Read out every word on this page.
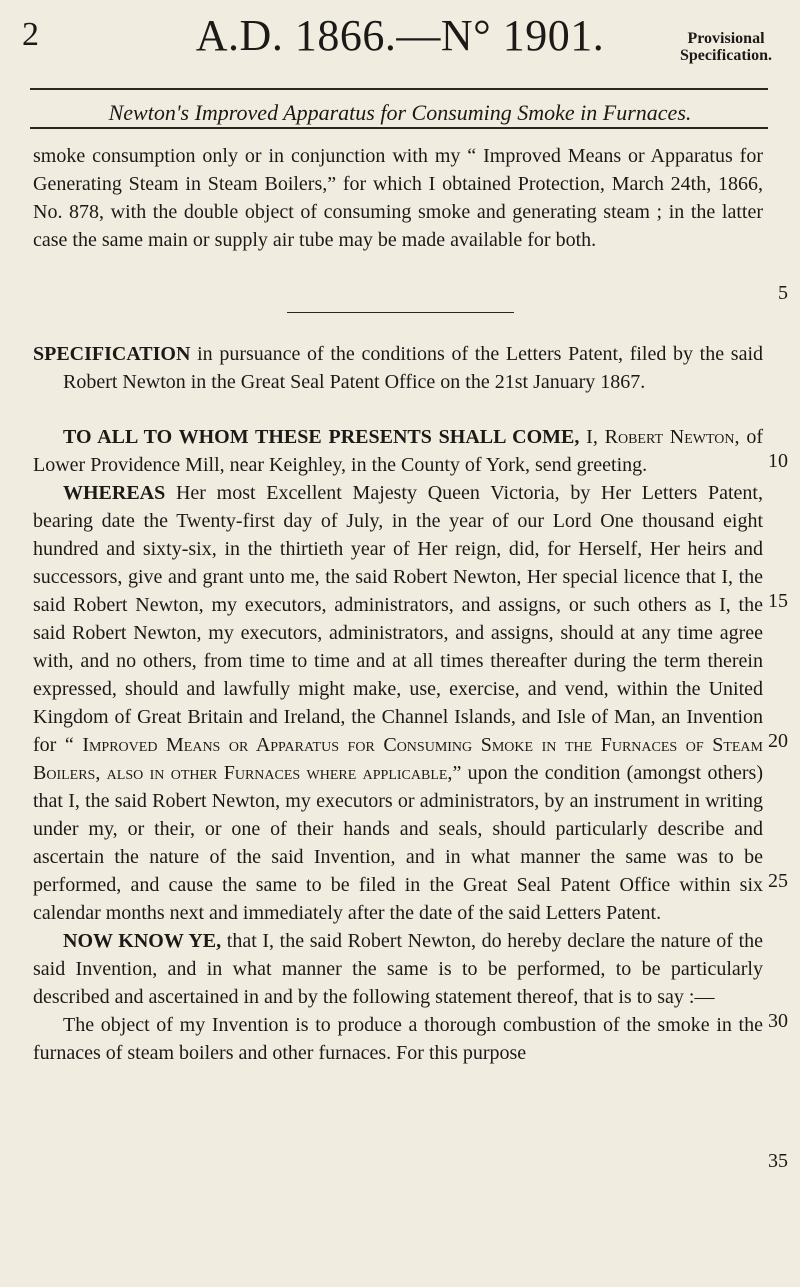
2	A.D. 1866.—N° 1901.	Provisional
Specification.
Newton's Improved Apparatus for Consuming Smoke in Furnaces.

smoke consumption only or in conjunction with my “ Improved Means or Apparatus for Generating Steam in Steam Boilers,” for which I obtained Protection, March 24th, 1866, No. 878, with the double object of consuming smoke and generating steam ; in the latter case the same main or supply air tube may be made available for both.

SPECIFICATION in pursuance of the conditions of the Letters Patent, filed by the said Robert Newton in the Great Seal Patent Office on the 21st January 1867.

TO ALL TO WHOM THESE PRESENTS SHALL COME, I, Robert Newton, of Lower Providence Mill, near Keighley, in the County of York, send greeting.

WHEREAS Her most Excellent Majesty Queen Victoria, by Her Letters Patent, bearing date the Twenty-first day of July, in the year of our Lord One thousand eight hundred and sixty-six, in the thirtieth year of Her reign, did, for Herself, Her heirs and successors, give and grant unto me, the said Robert Newton, Her special licence that I, the said Robert Newton, my executors, administrators, and assigns, or such others as I, the said Robert Newton, my executors, administrators, and assigns, should at any time agree with, and no others, from time to time and at all times thereafter during the term therein expressed, should and lawfully might make, use, exercise, and vend, within the United Kingdom of Great Britain and Ireland, the Channel Islands, and Isle of Man, an Invention for “ Improved Means or Apparatus for Consuming Smoke in the Furnaces of Steam Boilers, also in other Furnaces where applicable,” upon the condition (amongst others) that I, the said Robert Newton, my executors or administrators, by an instrument in writing under my, or their, or one of their hands and seals, should particularly describe and ascertain the nature of the said Invention, and in what manner the same was to be performed, and cause the same to be filed in the Great Seal Patent Office within six calendar months next and immediately after the date of the said Letters Patent.

NOW KNOW YE, that I, the said Robert Newton, do hereby declare the nature of the said Invention, and in what manner the same is to be performed, to be particularly described and ascertained in and by the following statement thereof, that is to say :—

The object of my Invention is to produce a thorough combustion of the smoke in the furnaces of steam boilers and other furnaces. For this purpose

5
10
15
20
25
30
35
